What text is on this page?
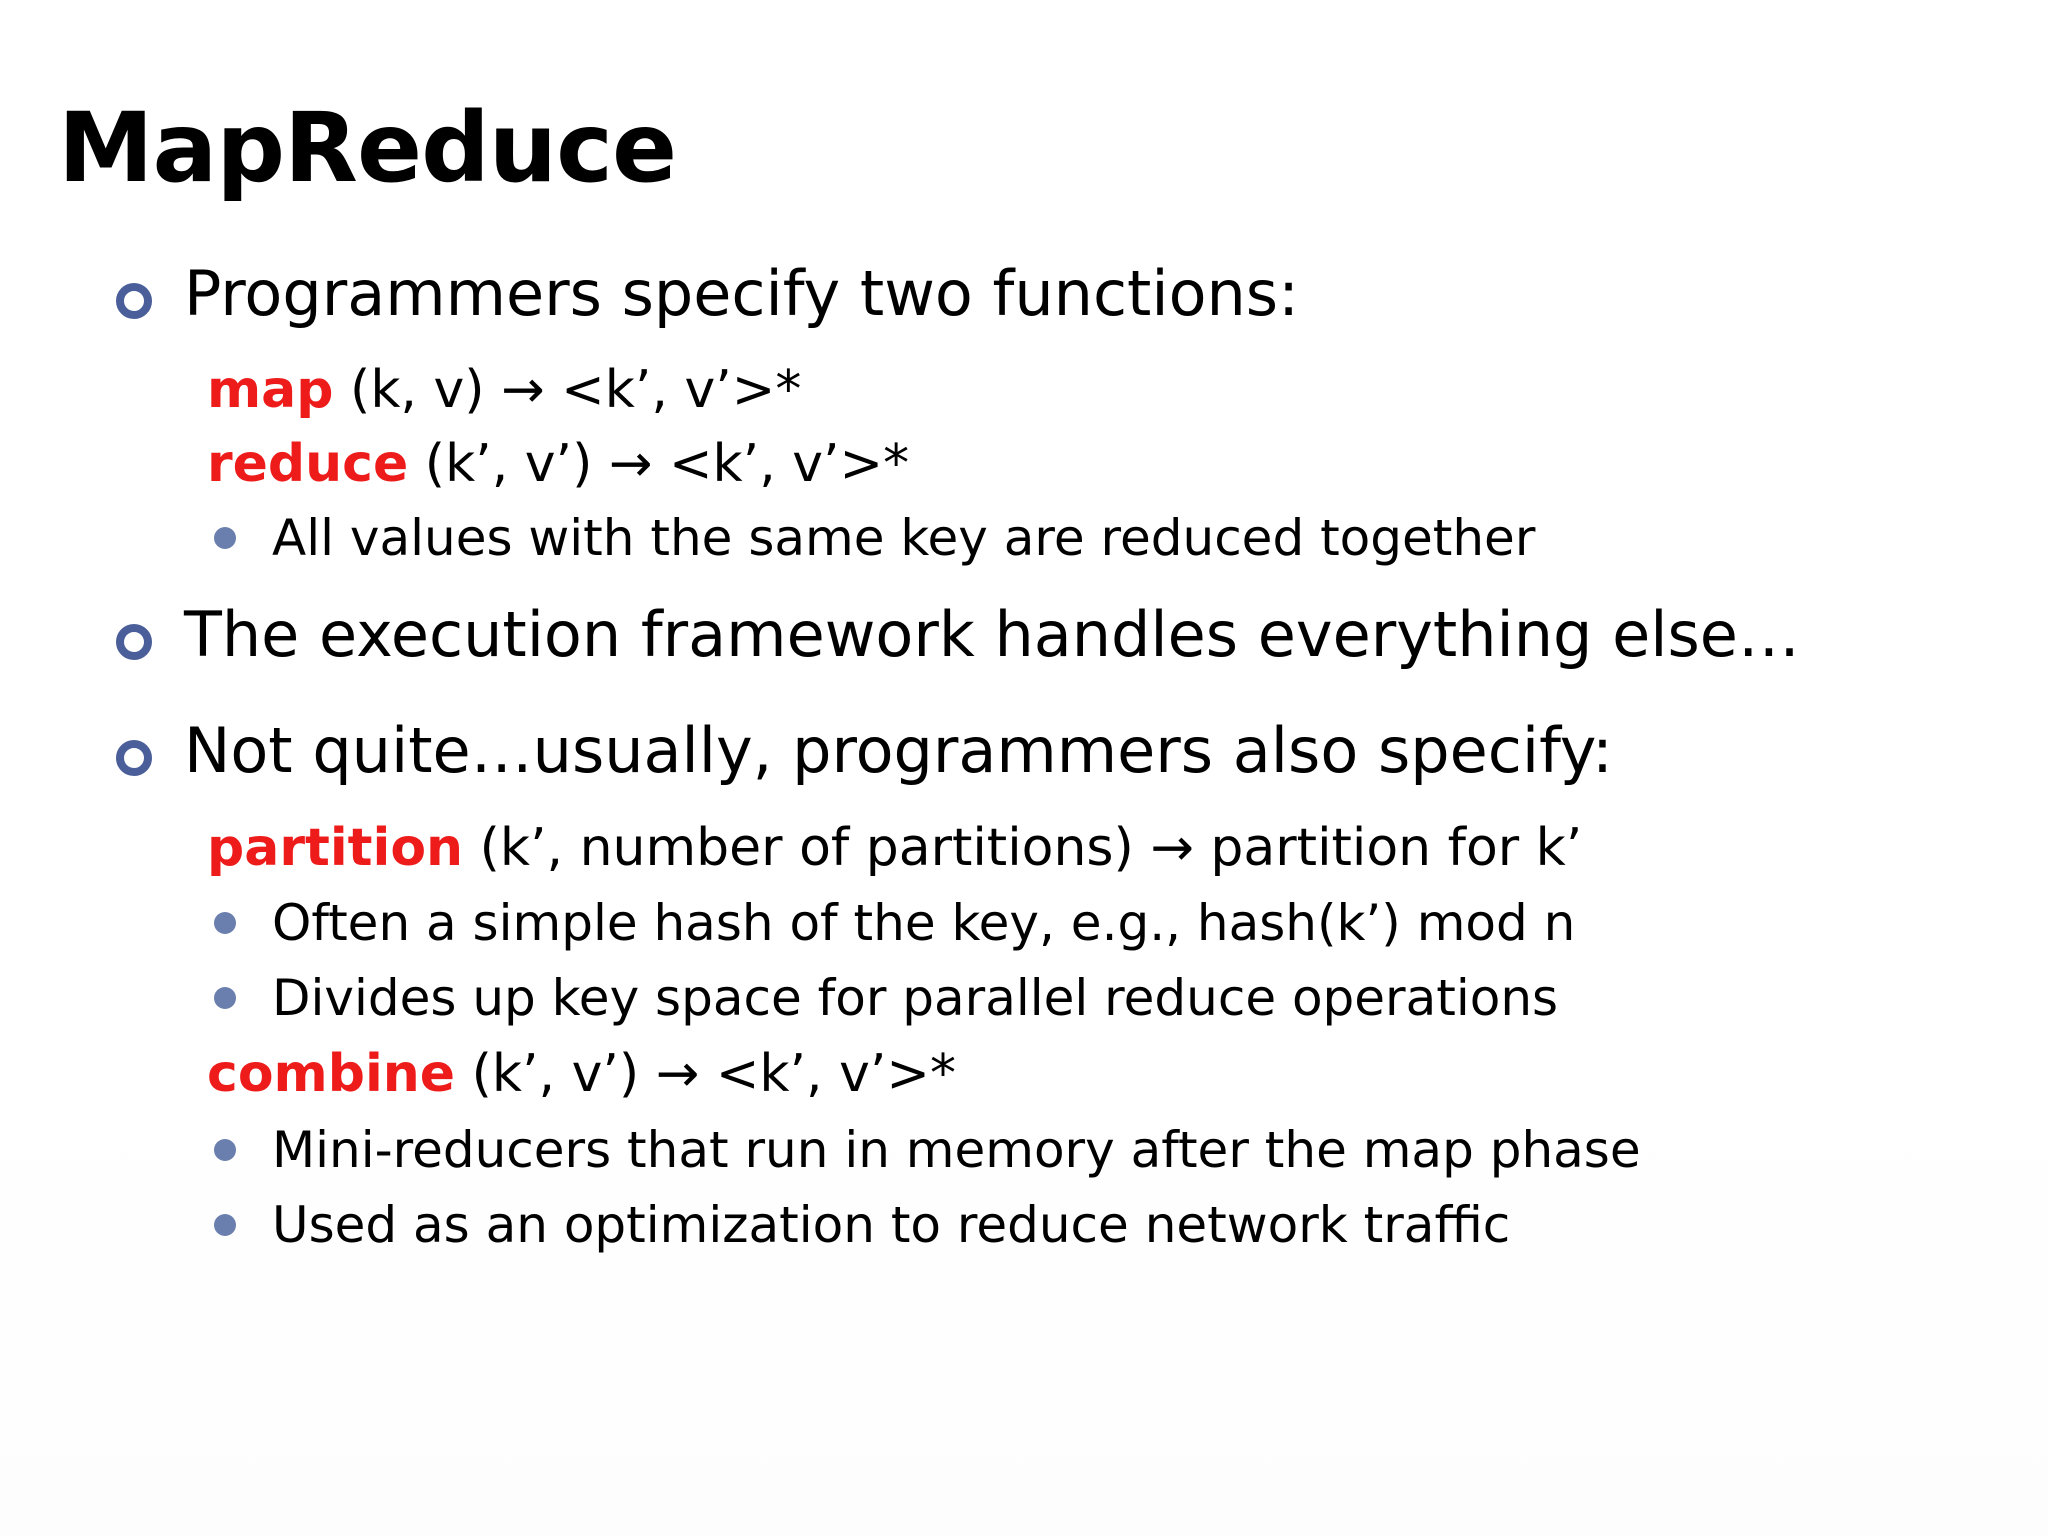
MapReduce
Programmers specify two functions:
map (k, v) → <k’, v’>*
reduce (k’, v’) → <k’, v’>*
All values with the same key are reduced together
The execution framework handles everything else…
Not quite…usually, programmers also specify:
partition (k’, number of partitions) → partition for k’
Often a simple hash of the key, e.g., hash(k’) mod n
Divides up key space for parallel reduce operations
combine (k’, v’) → <k’, v’>*
Mini-reducers that run in memory after the map phase
Used as an optimization to reduce network traffic
